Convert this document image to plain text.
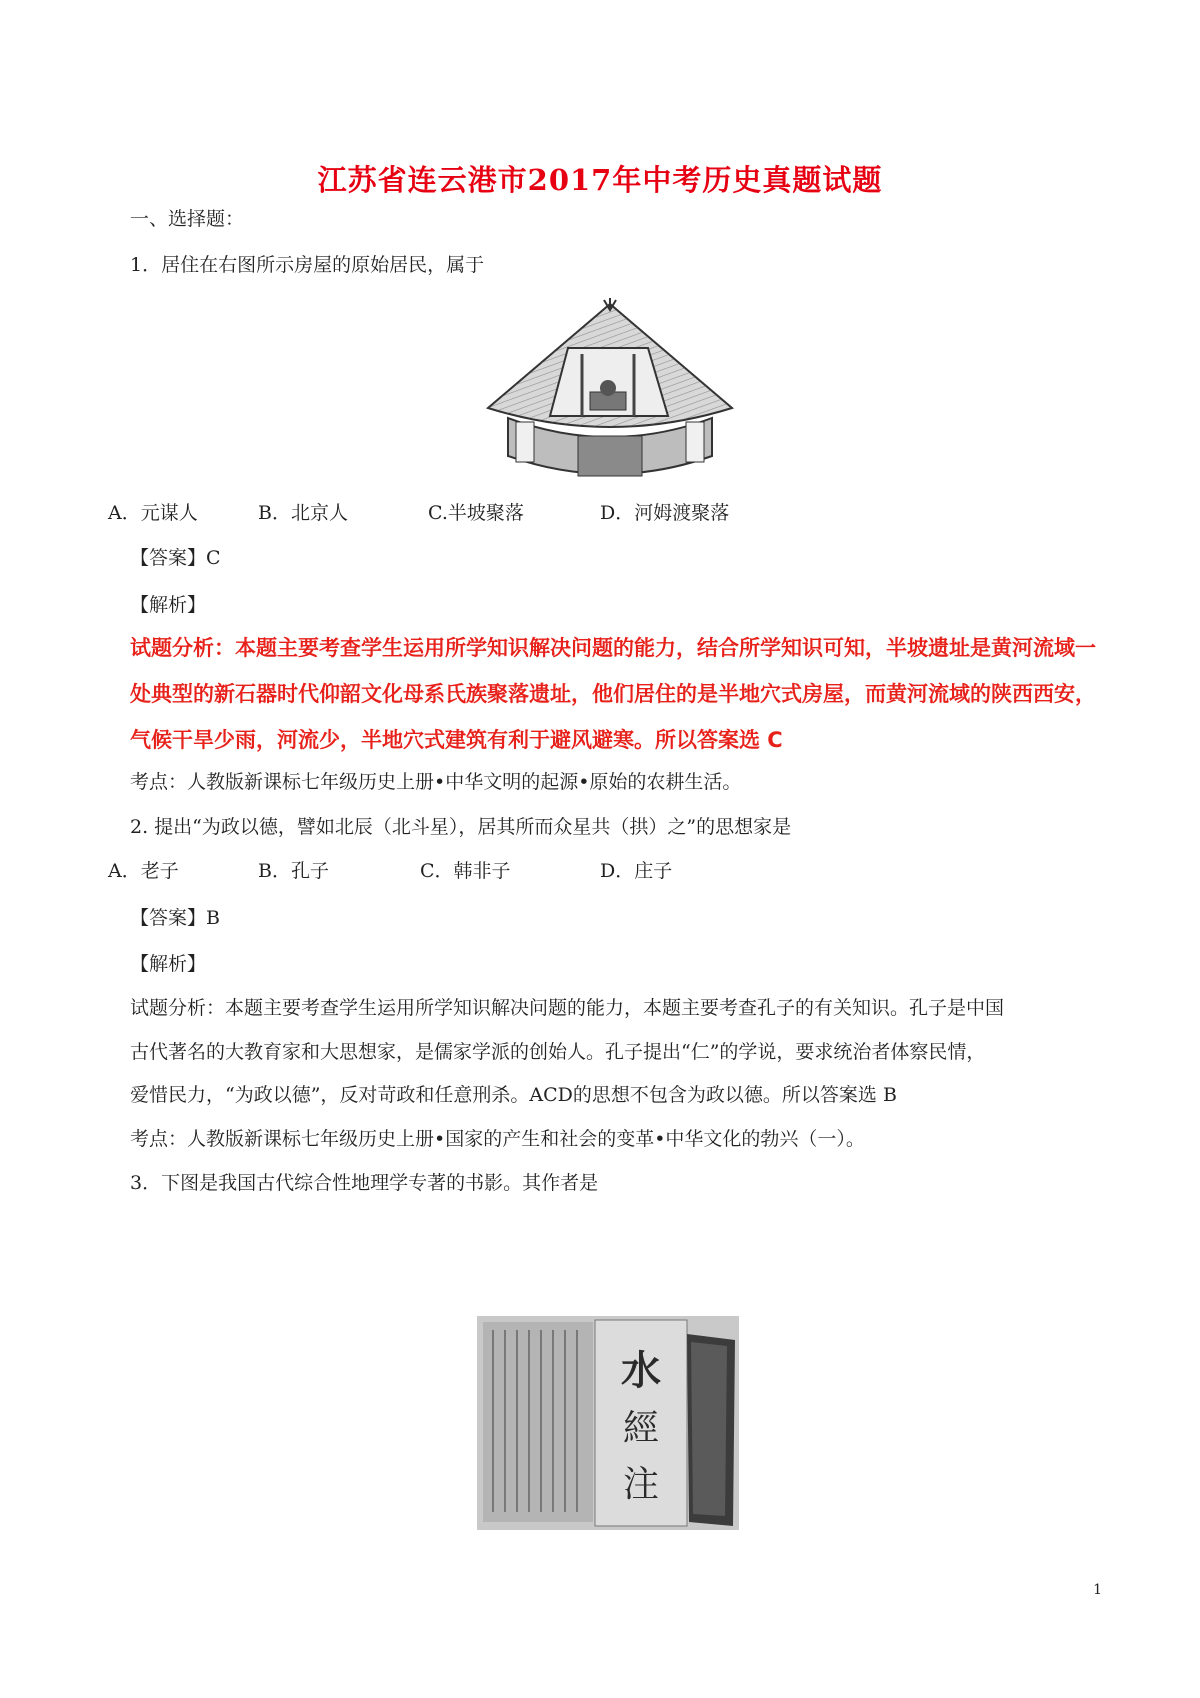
江苏省连云港市2017年中考历史真题试题
一、选择题：
1．居住在右图所示房屋的原始居民，属于
A．元谋人	B．北京人	C.半坡聚落	D．河姆渡聚落
【答案】C
【解析】
试题分析：本题主要考查学生运用所学知识解决问题的能力，结合所学知识可知，半坡遗址是黄河流域一
处典型的新石器时代仰韶文化母系氏族聚落遗址，他们居住的是半地穴式房屋，而黄河流域的陕西西安，
气候干旱少雨，河流少，半地穴式建筑有利于避风避寒。所以答案选 C
考点：人教版新课标七年级历史上册•中华文明的起源•原始的农耕生活。
2. 提出“为政以德，譬如北辰（北斗星），居其所而众星共（拱）之”的思想家是
A．老子	B．孔子	C．韩非子	D．庄子
【答案】B
【解析】
试题分析：本题主要考查学生运用所学知识解决问题的能力，本题主要考查孔子的有关知识。孔子是中国
古代著名的大教育家和大思想家，是儒家学派的创始人。孔子提出“仁”的学说，要求统治者体察民情，
爱惜民力，“为政以德”，反对苛政和任意刑杀。ACD的思想不包含为政以德。所以答案选 B
考点：人教版新课标七年级历史上册•国家的产生和社会的变革•中华文化的勃兴（一）。
3．下图是我国古代综合性地理学专著的书影。其作者是
水
經
注
1
